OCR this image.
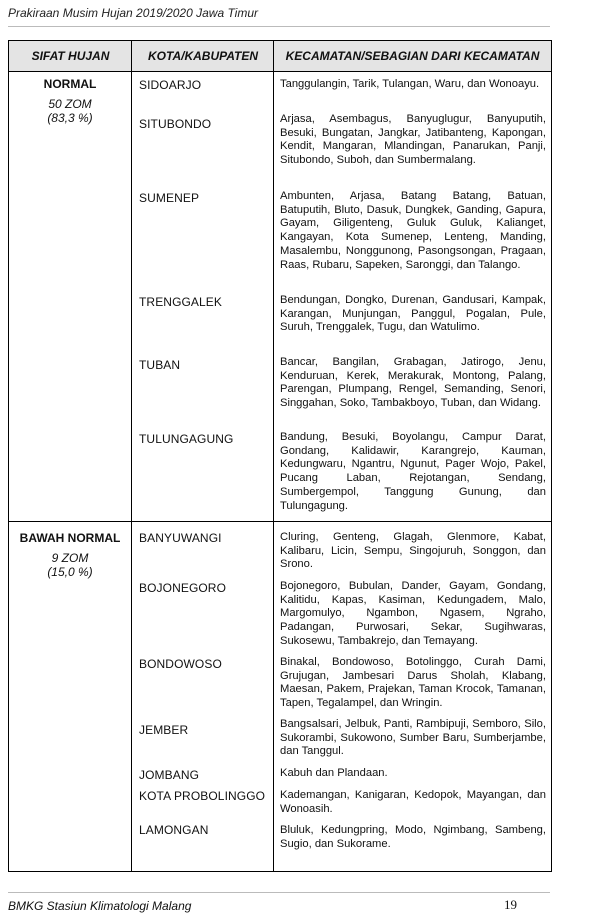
Prakiraan Musim Hujan 2019/2020 Jawa Timur
SIFAT HUJAN	KOTA/KABUPATEN	KECAMATAN/SEBAGIAN DARI KECAMATAN
NORMAL
50 ZOM
(83,3 %)
SIDOARJO	Tanggulangin, Tarik, Tulangan, Waru, dan Wonoayu.
SITUBONDO	Arjasa, Asembagus, Banyuglugur, Banyuputih, Besuki, Bungatan, Jangkar, Jatibanteng, Kapongan, Kendit, Mangaran, Mlandingan, Panarukan, Panji, Situbondo, Suboh, dan Sumbermalang.
SUMENEP	Ambunten, Arjasa, Batang Batang, Batuan, Batuputih, Bluto, Dasuk, Dungkek, Ganding, Gapura, Gayam, Giligenteng, Guluk Guluk, Kalianget, Kangayan, Kota Sumenep, Lenteng, Manding, Masalembu, Nonggunong, Pasongsongan, Pragaan, Raas, Rubaru, Sapeken, Saronggi, dan Talango.
TRENGGALEK	Bendungan, Dongko, Durenan, Gandusari, Kampak, Karangan, Munjungan, Panggul, Pogalan, Pule, Suruh, Trenggalek, Tugu, dan Watulimo.
TUBAN	Bancar, Bangilan, Grabagan, Jatirogo, Jenu, Kenduruan, Kerek, Merakurak, Montong, Palang, Parengan, Plumpang, Rengel, Semanding, Senori, Singgahan, Soko, Tambakboyo, Tuban, dan Widang.
TULUNGAGUNG	Bandung, Besuki, Boyolangu, Campur Darat, Gondang, Kalidawir, Karangrejo, Kauman, Kedungwaru, Ngantru, Ngunut, Pager Wojo, Pakel, Pucang Laban, Rejotangan, Sendang, Sumbergempol, Tanggung Gunung, dan Tulungagung.
BAWAH NORMAL
9 ZOM
(15,0 %)
BANYUWANGI	Cluring, Genteng, Glagah, Glenmore, Kabat, Kalibaru, Licin, Sempu, Singojuruh, Songgon, dan Srono.
BOJONEGORO	Bojonegoro, Bubulan, Dander, Gayam, Gondang, Kalitidu, Kapas, Kasiman, Kedungadem, Malo, Margomulyo, Ngambon, Ngasem, Ngraho, Padangan, Purwosari, Sekar, Sugihwaras, Sukosewu, Tambakrejo, dan Temayang.
BONDOWOSO	Binakal, Bondowoso, Botolinggo, Curah Dami, Grujugan, Jambesari Darus Sholah, Klabang, Maesan, Pakem, Prajekan, Taman Krocok, Tamanan, Tapen, Tegalampel, dan Wringin.
JEMBER	Bangsalsari, Jelbuk, Panti, Rambipuji, Semboro, Silo, Sukorambi, Sukowono, Sumber Baru, Sumberjambe, dan Tanggul.
JOMBANG	Kabuh dan Plandaan.
KOTA PROBOLINGGO	Kademangan, Kanigaran, Kedopok, Mayangan, dan Wonoasih.
LAMONGAN	Bluluk, Kedungpring, Modo, Ngimbang, Sambeng, Sugio, dan Sukorame.
BMKG Stasiun Klimatologi Malang	19
